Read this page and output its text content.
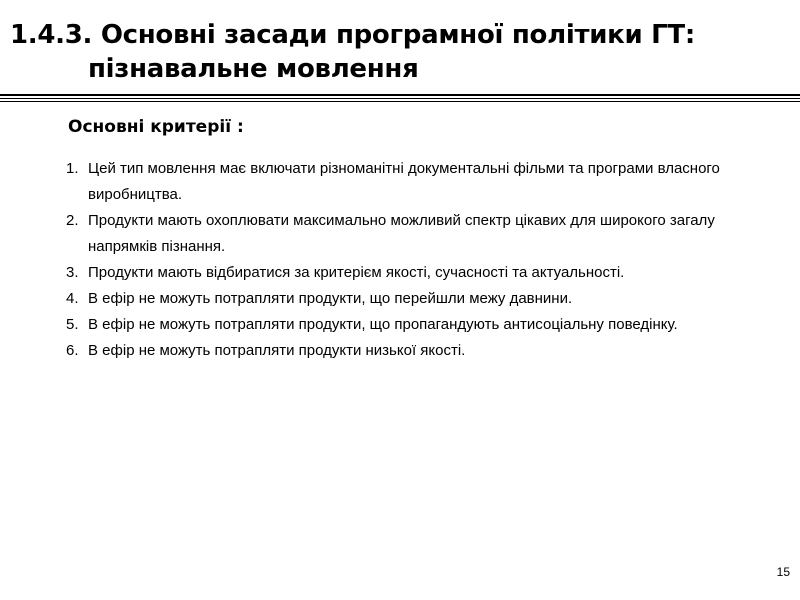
1.4.3. Основні засади програмної політики ГТ:
пізнавальне мовлення
Основні критерії :
1. Цей тип мовлення має включати різноманітні документальні фільми та програми власного виробництва.
2. Продукти мають охоплювати максимально можливий спектр цікавих для широкого загалу напрямків пізнання.
3. Продукти мають відбиратися за критерієм якості, сучасності та актуальності.
4. В ефір не можуть потрапляти продукти, що перейшли межу давнини.
5. В ефір не можуть потрапляти продукти, що пропагандують антисоціальну поведінку.
6. В ефір не можуть потрапляти продукти низької якості.
15
